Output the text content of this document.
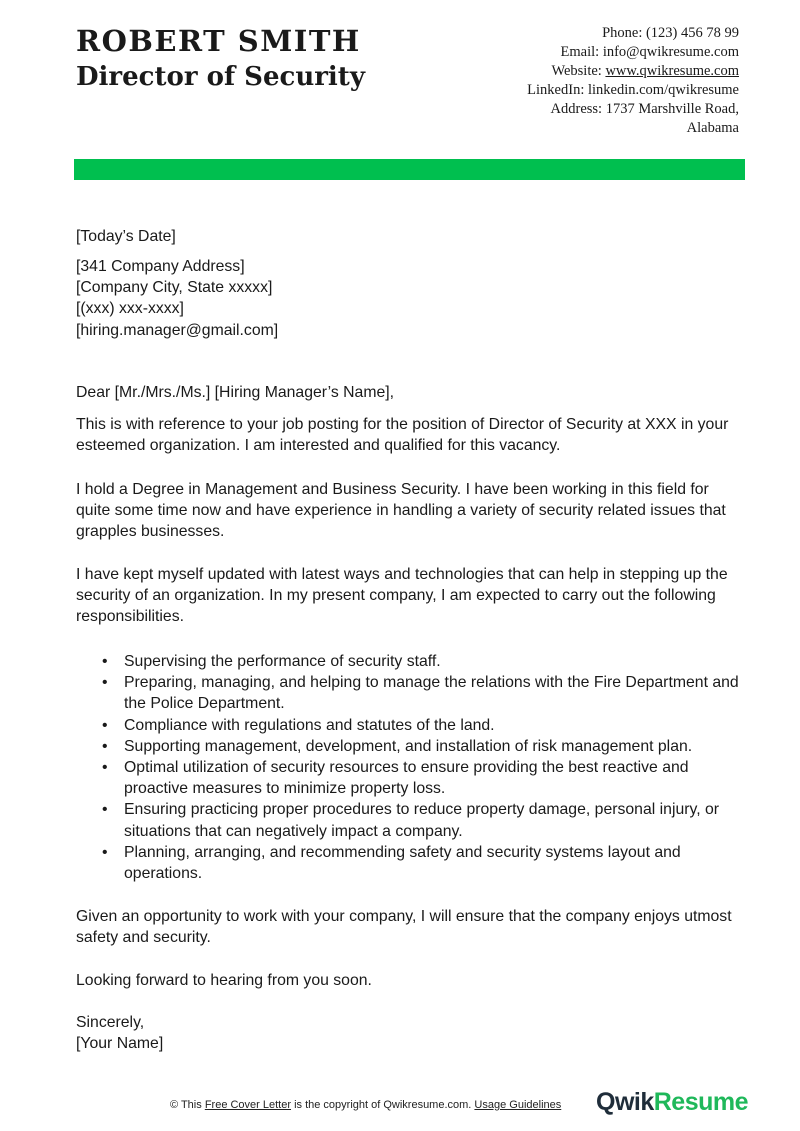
ROBERT SMITH
Director of Security
Phone: (123) 456 78 99
Email: info@qwikresume.com
Website: www.qwikresume.com
LinkedIn: linkedin.com/qwikresume
Address: 1737 Marshville Road,
Alabama
[Today’s Date]

[341 Company Address]

[Company City, State xxxxx]

[(xxx) xxx-xxxx]

[hiring.manager@gmail.com]

Dear [Mr./Mrs./Ms.] [Hiring Manager’s Name],
This is with reference to your job posting for the position of Director of Security at XXX in your esteemed organization. I am interested and qualified for this vacancy.
I hold a Degree in Management and Business Security. I have been working in this field for quite some time now and have experience in handling a variety of security related issues that grapples businesses.
I have kept myself updated with latest ways and technologies that can help in stepping up the security of an organization. In my present company, I am expected to carry out the following responsibilities.
• Supervising the performance of security staff.
• Preparing, managing, and helping to manage the relations with the Fire Department and the Police Department.
• Compliance with regulations and statutes of the land.
• Supporting management, development, and installation of risk management plan.
• Optimal utilization of security resources to ensure providing the best reactive and proactive measures to minimize property loss.
• Ensuring practicing proper procedures to reduce property damage, personal injury, or situations that can negatively impact a company.
• Planning, arranging, and recommending safety and security systems layout and operations.
Given an opportunity to work with your company, I will ensure that the company enjoys utmost safety and security.
Looking forward to hearing from you soon.

Sincerely,

[Your Name]

© This Free Cover Letter is the copyright of Qwikresume.com. Usage Guidelines QwikResume
